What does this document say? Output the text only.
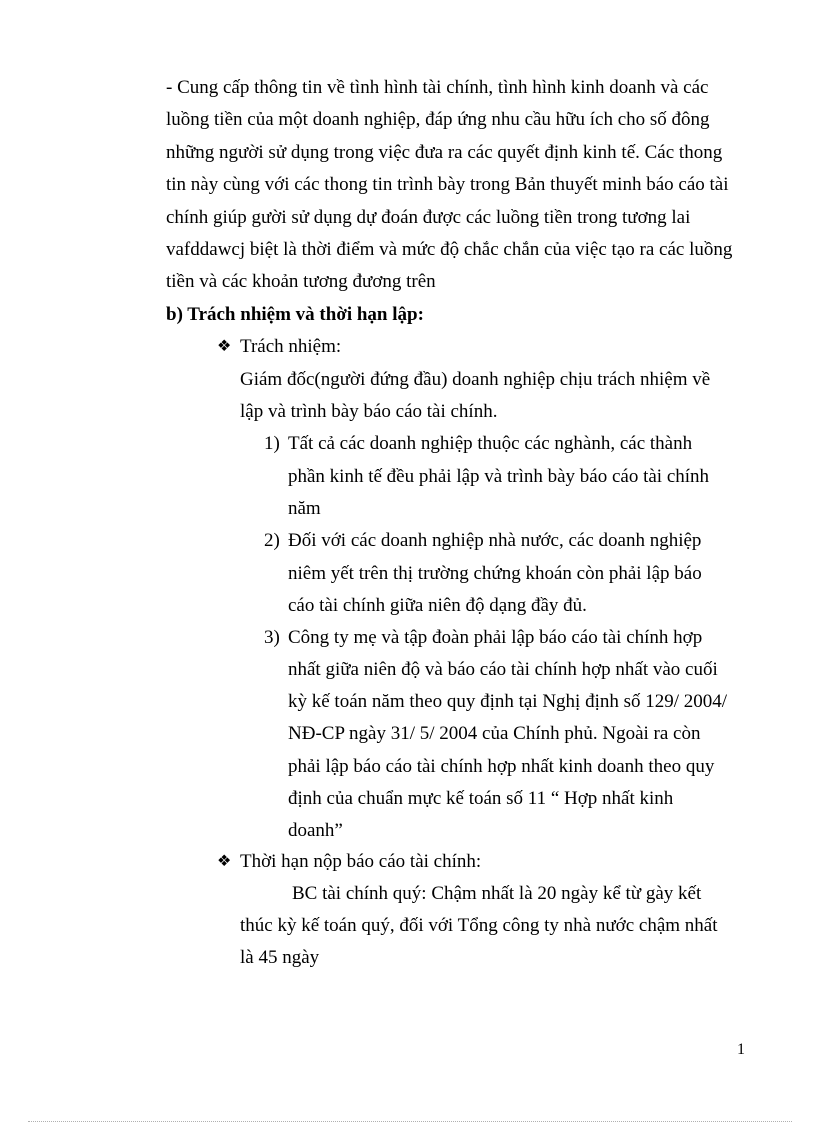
- Cung cấp thông tin về tình hình tài chính, tình hình kinh doanh và các
luồng tiền của một doanh nghiệp, đáp ứng nhu cầu hữu ích cho số đông
những người sử dụng trong việc đưa ra các quyết định kinh tế. Các thong
tin này cùng với các thong tin trình bày trong Bản thuyết minh báo cáo tài
chính giúp gười sử dụng dự đoán được các luồng tiền trong tương lai
vafddawcj biệt là thời điểm và mức độ chắc chắn của việc tạo ra các luồng
tiền và các khoản tương đương trên
b) Trách nhiệm và thời hạn lập:
❖ Trách nhiệm:
Giám đốc(người đứng đầu) doanh nghiệp chịu trách nhiệm về
lập và trình bày báo cáo tài chính.
1) Tất cả các doanh nghiệp thuộc các nghành, các thành
phần kinh tế đều phải lập và trình bày báo cáo tài chính
năm
2) Đối với các doanh nghiệp nhà nước, các doanh nghiệp
niêm yết trên thị trường chứng khoán còn phải lập báo
cáo tài chính giữa niên độ dạng đầy đủ.
3) Công ty mẹ và tập đoàn phải lập báo cáo tài chính hợp
nhất giữa niên độ và báo cáo tài chính hợp nhất vào cuối
kỳ kế toán năm theo quy định tại Nghị định số 129/ 2004/
NĐ-CP ngày 31/ 5/ 2004 của Chính phủ. Ngoài ra còn
phải lập báo cáo tài chính hợp nhất kinh doanh theo quy
định của chuẩn mực kế toán số 11 “ Hợp nhất kinh
doanh”
❖ Thời hạn nộp báo cáo tài chính:
BC tài chính quý: Chậm nhất là 20 ngày kể từ gày kết
thúc kỳ kế toán quý, đối với Tổng công ty nhà nước chậm nhất
là 45 ngày
1
